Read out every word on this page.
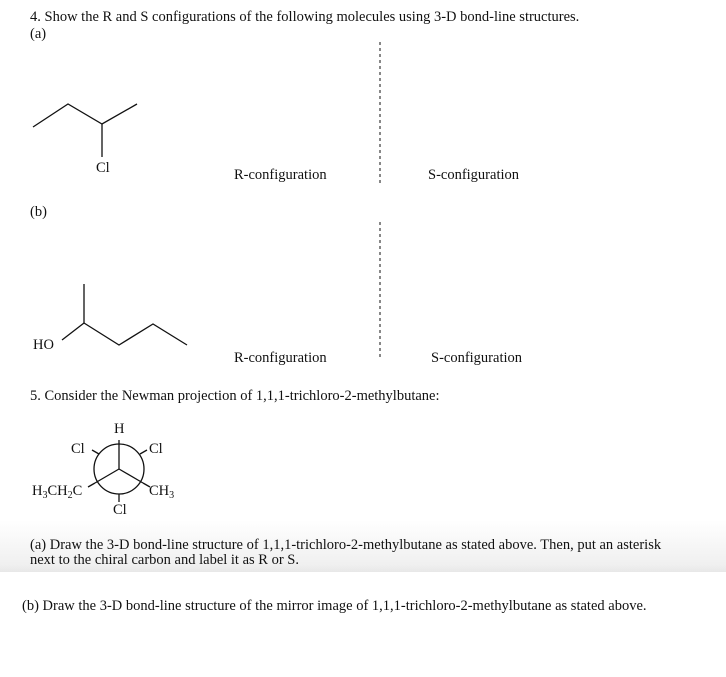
4. Show the R and S configurations of the following molecules using 3-D bond-line structures.
(a)
Cl	R-configuration	S-configuration
(b)
HO
R-configuration	S-configuration
5. Consider the Newman projection of 1,1,1-trichloro-2-methylbutane:
H
Cl	Cl
$H_3CH_2C$	$CH_3$
Cl
(a) Draw the 3-D bond-line structure of 1,1,1-trichloro-2-methylbutane as stated above. Then, put an asterisk
next to the chiral carbon and label it as R or S.
(b) Draw the 3-D bond-line structure of the mirror image of 1,1,1-trichloro-2-methylbutane as stated above.
